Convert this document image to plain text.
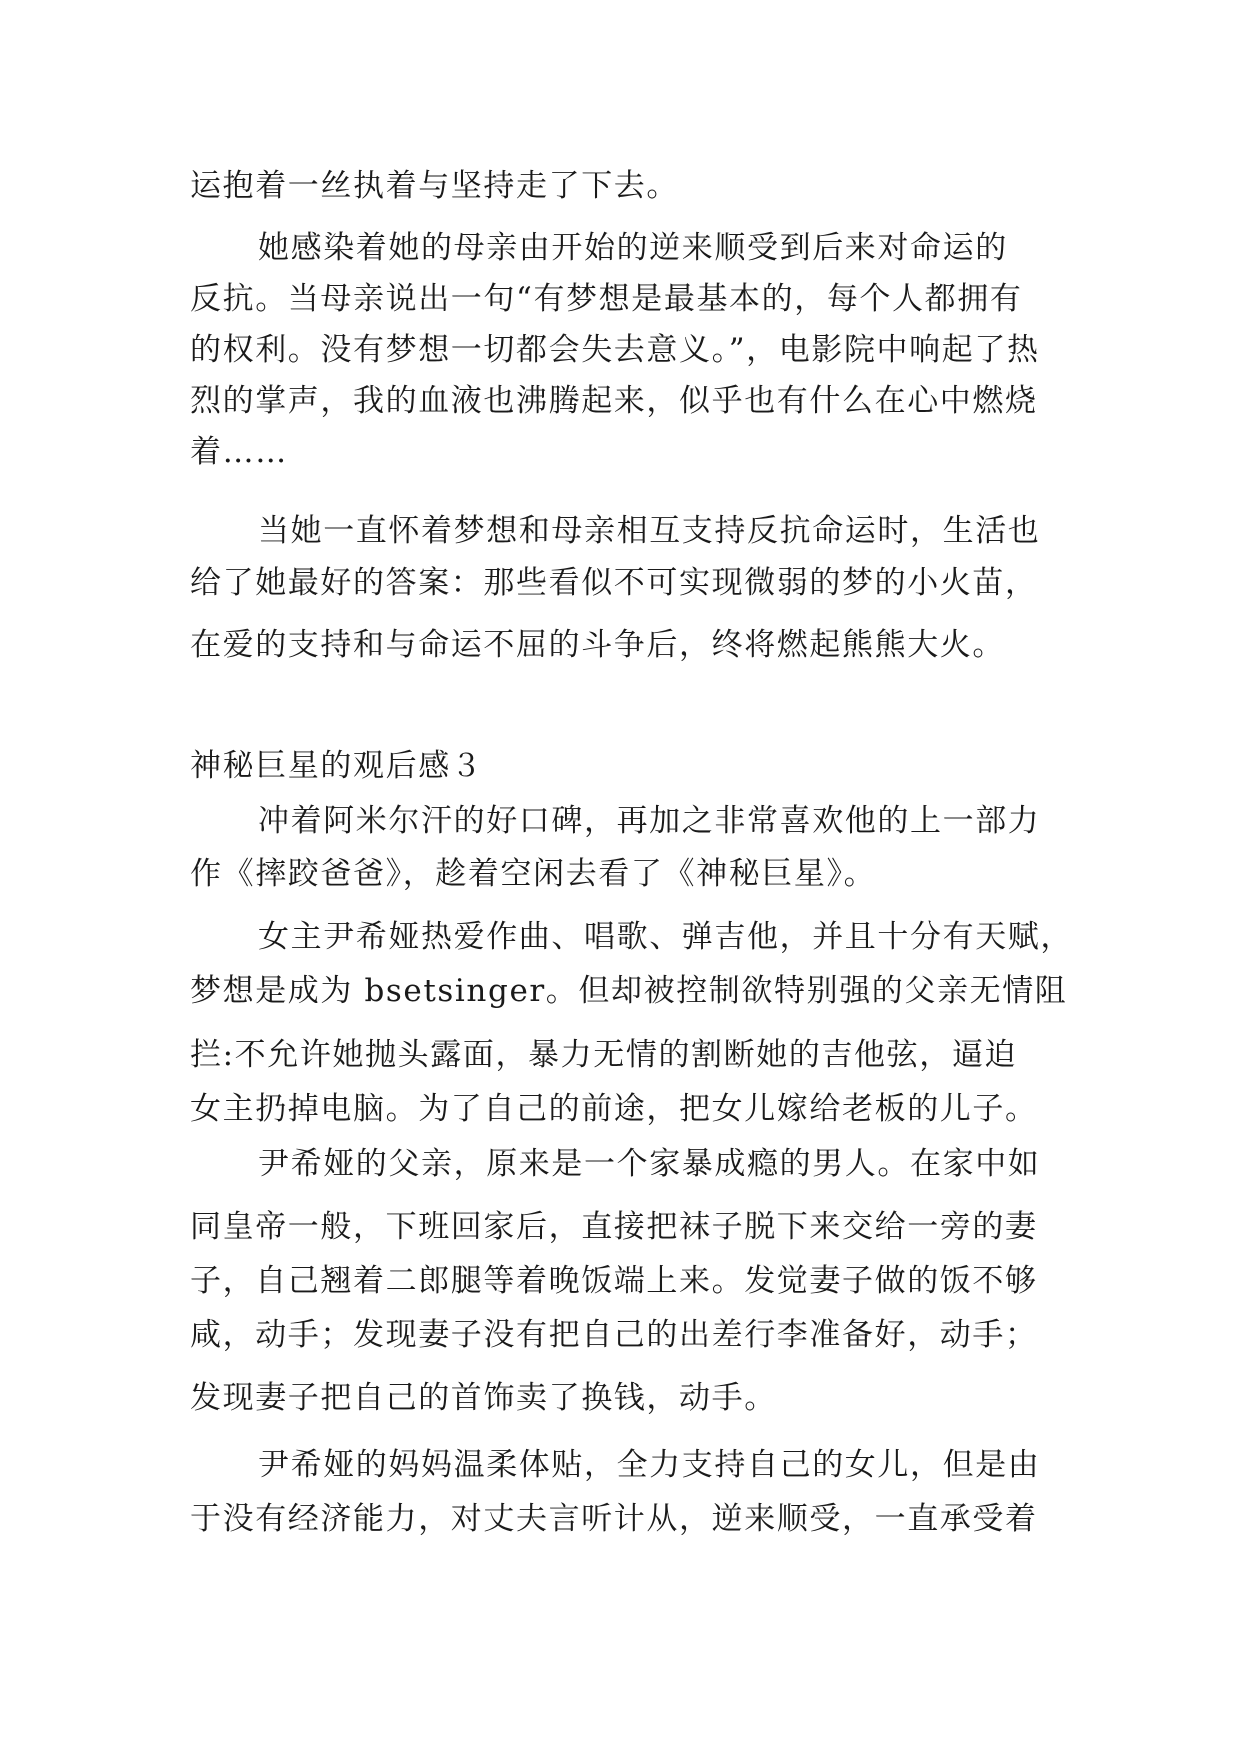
运抱着一丝执着与坚持走了下去。
她感染着她的母亲由开始的逆来顺受到后来对命运的
反抗。当母亲说出一句“有梦想是最基本的，每个人都拥有
的权利。没有梦想一切都会失去意义。”，电影院中响起了热
烈的掌声，我的血液也沸腾起来，似乎也有什么在心中燃烧
着……
当她一直怀着梦想和母亲相互支持反抗命运时，生活也
给了她最好的答案：那些看似不可实现微弱的梦的小火苗，
在爱的支持和与命运不屈的斗争后，终将燃起熊熊大火。
神秘巨星的观后感３
冲着阿米尔汗的好口碑，再加之非常喜欢他的上一部力
作《摔跤爸爸》，趁着空闲去看了《神秘巨星》。
女主尹希娅热爱作曲、唱歌、弹吉他，并且十分有天赋，
梦想是成为 bsetsinger。但却被控制欲特别强的父亲无情阻
拦:不允许她抛头露面，暴力无情的割断她的吉他弦，逼迫
女主扔掉电脑。为了自己的前途，把女儿嫁给老板的儿子。
尹希娅的父亲，原来是一个家暴成瘾的男人。在家中如
同皇帝一般，下班回家后，直接把袜子脱下来交给一旁的妻
子，自己翘着二郎腿等着晚饭端上来。发觉妻子做的饭不够
咸，动手；发现妻子没有把自己的出差行李准备好，动手；
发现妻子把自己的首饰卖了换钱，动手。
尹希娅的妈妈温柔体贴，全力支持自己的女儿，但是由
于没有经济能力，对丈夫言听计从，逆来顺受，一直承受着
